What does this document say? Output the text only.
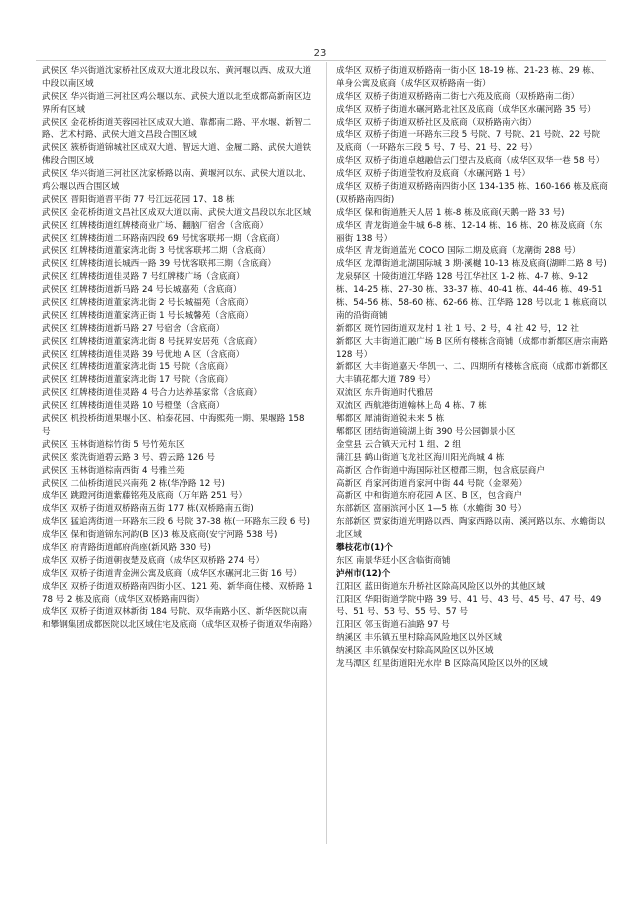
23

武侯区 华兴街道沈家桥社区成双大道北段以东、黄河堰以西、成双大道中段以南区域

武侯区 华兴街道三河社区鸡公堰以东、武侯大道以北至成都高新南区边界所有区域

武侯区 金花桥街道芙蓉园社区成双大道、靠都南二路、平水堰、新智二路、艺术村路、武侯大道文昌段合围区域

武侯区 簇桥街道锦城社区成双大道、智远大道、金履二路、武侯大道铁佛段合围区域

武侯区 华兴街道三河社区沈家桥路以南、黄堰河以东、武侯大道以北、鸡公堰以西合围区域

武侯区 晋阳街道晋平街 77 号江远花园 17、18 栋

武侯区 金花桥街道文昌社区成双大道以南、武侯大道文昌段以东北区域

武侯区 红牌楼街道红牌楼商业广场、翻脑厂宿舍（含底商）

武侯区 红牌楼街道二环路南四段 69 号忧客联邦一期（含底商）

武侯区 红牌楼街道董家湾北街 3 号忧客联邦二期（含底商）

武侯区 红牌楼街道长城西一路 39 号忧客联邦三期（含底商）

武侯区 红牌楼街道佳灵路 7 号红牌楼广场（含底商）

武侯区 红牌楼街道新马路 24 号长城嘉苑（含底商）

武侯区 红牌楼街道董家湾北街 2 号长城福苑（含底商）

武侯区 红牌楼街道董家湾正街 1 号长城馨苑（含底商）

武侯区 红牌楼街道新马路 27 号宿舍（含底商）

武侯区 红牌楼街道董家湾北街 8 号抚昇安居苑（含底商）

武侯区 红牌楼街道佳灵路 39 号优地 A 区（含底商）

武侯区 红牌楼街道董家湾北街 15 号院（含底商）

武侯区 红牌楼街道董家湾北街 17 号院（含底商）

武侯区 红牌楼街道佳灵路 4 号合力达养基家常（含底商）

武侯区 红牌楼街道佳灵路 10 号橙堡（含底商）

武侯区 机投桥街道果堰小区、柏泰花园、中海熙苑一期、果堰路 158 号

武侯区 玉林街道棕竹街 5 号竹苑东区

武侯区 浆洗街道碧云路 3 号、碧云路 126 号

武侯区 玉林街道棕南西街 4 号雅兰苑

武侯区 二仙桥街道民兴南苑 2 栋(华净路 12 号)

成华区 跳蹬河街道紫藤铭苑及底商（万年路 251 号）

成华区 双桥子街道双桥路南五街 177 栋(双桥路南五街)

成华区 猛追湾街道一环路东三段 6 号院 37-38 栋(一环路东三段 6 号)

成华区 保和街道锦东河韵(B 区)3 栋及底商(安宁河路 538 号)

成华区 府青路街道邮府尚座(新风路 330 号)

成华区 双桥子街道朝夜楚及底商（成华区双桥路 274 号）

成华区 双桥子街道青金洲公寓及底商（成华区水碾河北三街 16 号）

成华区 双桥子街道双桥路南四街小区、121 苑、新华商住楼、双桥路 178 号 2 栋及底商（成华区双桥路南四街）

成华区 双桥子街道双林新街 184 号院、双华南路小区、新华医院以南和攀钢集团成都医院以北区域住宅及底商（成华区双桥子街道双华南路）

成华区 双桥子街道双桥路南一街小区 18-19 栋、21-23 栋、29 栋、单身公寓及底商（成华区双桥路南一街）

成华区 双桥子街道双桥路南二街七六苑及底商（双桥路南二街）

成华区 双桥子街道水碾河路北社区及底商（成华区水碾河路 35 号）

成华区 双桥子街道双桥社区及底商（双桥路南六街）

成华区 双桥子街道一环路东三段 5 号院、7 号院、21 号院、22 号院及底商（一环路东三段 5 号、7 号、21 号、22 号）

成华区 双桥子街道卓越融信云门望古及底商（成华区双华一巷 58 号）

成华区 双桥子街道莹牧府及底商（水碾河路 1 号）

成华区 双桥子街道双桥路南四街小区 134-135 栋、160-166 栋及底商(双桥路南四街)

成华区 保和街道胜天人居 1 栋-8 栋及底商(天鹅一路 33 号)

成华区 青龙街道金牛城 6-8 栋、12-14 栋、16 栋、20 栋及底商（东丽街 138 号）

成华区 青龙街道蓝光 COCO 国际二期及底商（龙潮街 288 号）

成华区 龙潭街道北湖国际城 3 期·溪樾 10-13 栋及底商(湖畔二路 8 号)

龙泉驿区 十陵街道江华路 128 号江华社区 1-2 栋、4-7 栋、9-12 栋、14-25 栋、27-30 栋、33-37 栋、40-41 栋、44-46 栋、49-51 栋、54-56 栋、58-60 栋、62-66 栋、江华路 128 号以北 1 栋底商以南的沿街商铺

新都区 斑竹园街道双龙村 1 社 1 号、2 号，4 社 42 号，12 社

新都区 大丰街道汇融广场 B 区所有楼栋含商铺（成都市新都区唐宗南路 128 号）

新都区 大丰街道嘉天·华凯一、二、四期所有楼栋含底商（成都市新都区大丰镇花都大道 789 号）

双流区 东升街道时代雅居

双流区 西航港街道翰林上岛 4 栋、7 栋

郫都区 犀浦街道锐未来 5 栋

郫都区 团结街道镜湖上街 390 号公园御景小区

金堂县 云合镇天元村 1 组、2 组

蒲江县 鹤山街道飞龙社区海川阳光尚城 4 栋

高新区 合作街道中海国际社区橙郡三期，包含底层商户

高新区 肖家河街道肖家河中街 44 号院（金翠苑）

高新区 中和街道东府花园 A 区、B 区，包含商户

东部新区 富丽滨河小区 1—5 栋（水蟾街 30 号）

东部新区 贾家街道光明路以西、陶家西路以南、溪河路以东、水蟾街以北区域

攀枝花市(1)个

东区 南景华廷小区含临街商铺

泸州市(12)个

江阳区 蓝田街道东升桥社区除高风险区以外的其他区域

江阳区 华阳街道学院中路 39 号、41 号、43 号、45 号、47 号、49 号、51 号、53 号、55 号、57 号

江阳区 邻玉街道石油路 97 号

纳溪区 丰乐镇五里村除高风险地区以外区域

纳溪区 丰乐镇保安村除高风险区以外区域

龙马潭区 红星街道阳光水岸 B 区除高风险区以外的区域
